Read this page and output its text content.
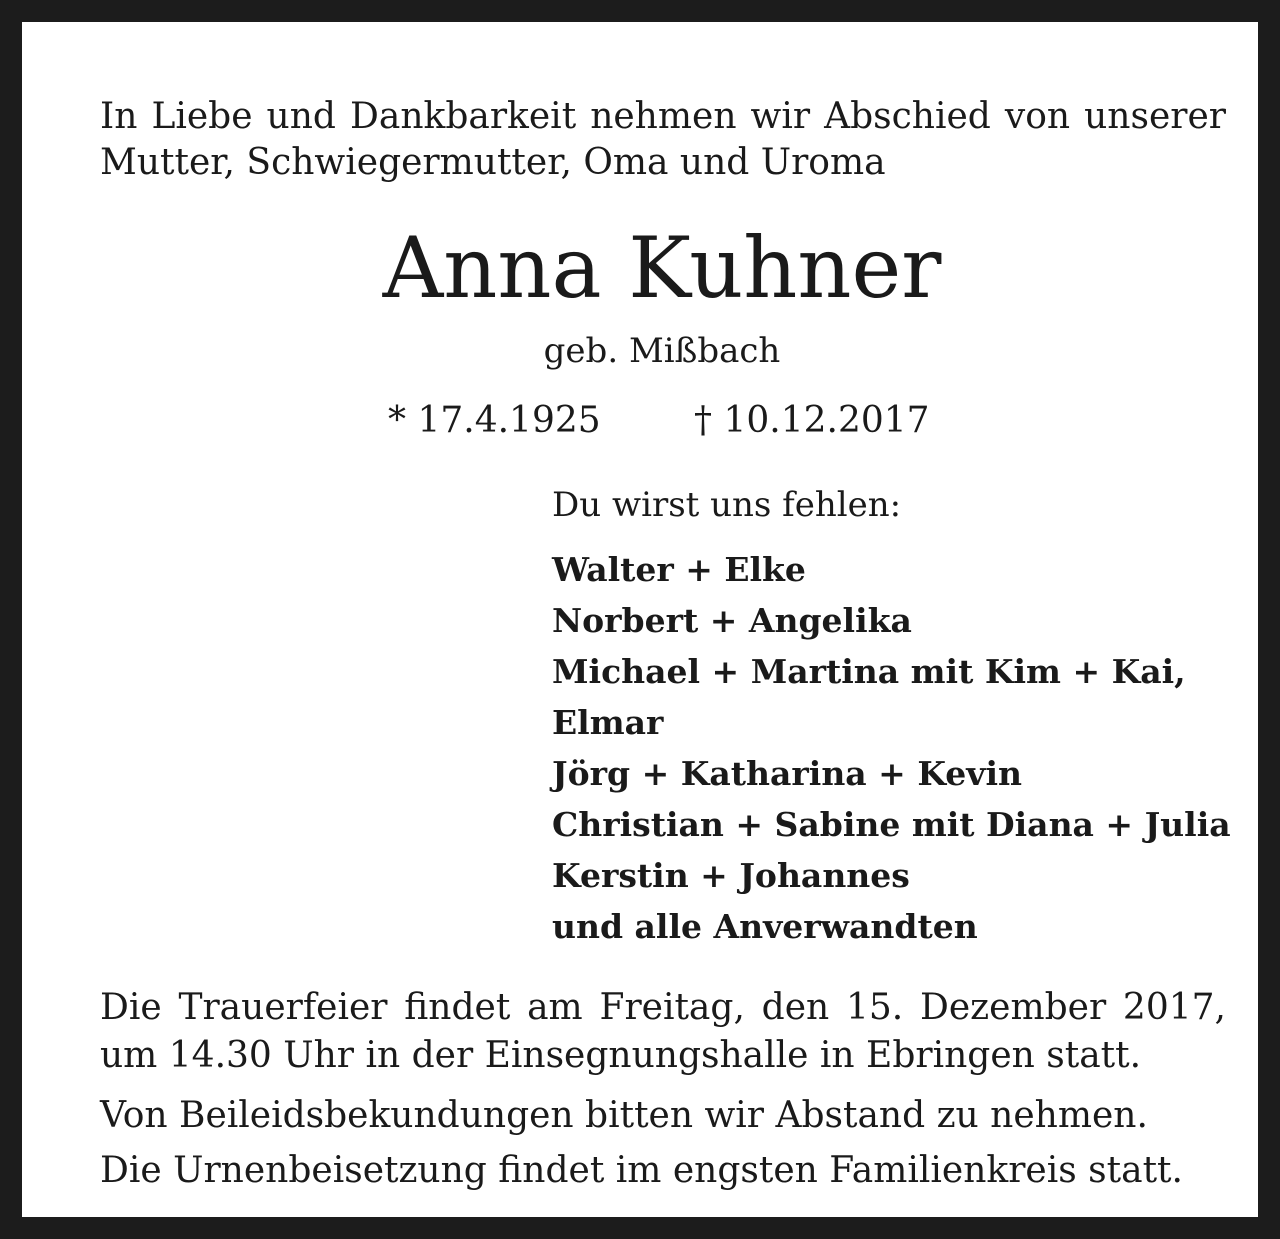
In Liebe und Dankbarkeit nehmen wir Abschied von unserer Mutter, Schwiegermutter, Oma und Uroma
Anna Kuhner
geb. Mißbach
* 17.4.1925	† 10.12.2017
Du wirst uns fehlen:
Walter + Elke
Norbert + Angelika
Michael + Martina mit Kim + Kai,
Elmar
Jörg + Katharina + Kevin
Christian + Sabine mit Diana + Julia
Kerstin + Johannes
und alle Anverwandten
Die Trauerfeier findet am Freitag, den 15. Dezember 2017, um 14.30 Uhr in der Einsegnungshalle in Ebringen statt.
Von Beileidsbekundungen bitten wir Abstand zu nehmen.
Die Urnenbeisetzung findet im engsten Familienkreis statt.
